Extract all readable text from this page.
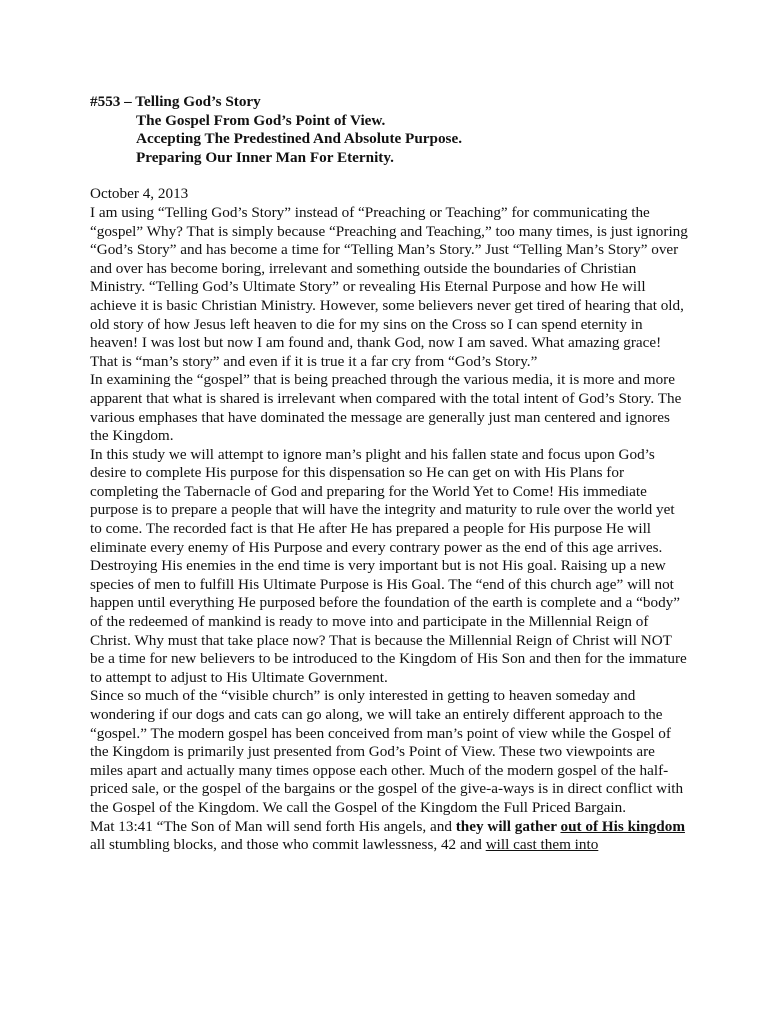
#553 – Telling God’s Story
The Gospel From God’s Point of View.
Accepting The Predestined And Absolute Purpose.
Preparing Our Inner Man For Eternity.

October 4, 2013

I am using “Telling God’s Story” instead of “Preaching or Teaching” for communicating the “gospel” Why? That is simply because “Preaching and Teaching,” too many times, is just ignoring “God’s Story” and has become a time for “Telling Man’s Story.” Just “Telling Man’s Story” over and over has become boring, irrelevant and something outside the boundaries of Christian Ministry. “Telling God’s Ultimate Story” or revealing His Eternal Purpose and how He will achieve it is basic Christian Ministry. However, some believers never get tired of hearing that old, old story of how Jesus left heaven to die for my sins on the Cross so I can spend eternity in heaven! I was lost but now I am found and, thank God, now I am saved. What amazing grace! That is “man’s story” and even if it is true it a far cry from “God’s Story.”

In examining the “gospel” that is being preached through the various media, it is more and more apparent that what is shared is irrelevant when compared with the total intent of God’s Story. The various emphases that have dominated the message are generally just man centered and ignores the Kingdom.

In this study we will attempt to ignore man’s plight and his fallen state and focus upon God’s desire to complete His purpose for this dispensation so He can get on with His Plans for completing the Tabernacle of God and preparing for the World Yet to Come! His immediate purpose is to prepare a people that will have the integrity and maturity to rule over the world yet to come. The recorded fact is that He after He has prepared a people for His purpose He will eliminate every enemy of His Purpose and every contrary power as the end of this age arrives. Destroying His enemies in the end time is very important but is not His goal. Raising up a new species of men to fulfill His Ultimate Purpose is His Goal. The “end of this church age” will not happen until everything He purposed before the foundation of the earth is complete and a “body” of the redeemed of mankind is ready to move into and participate in the Millennial Reign of Christ. Why must that take place now? That is because the Millennial Reign of Christ will NOT be a time for new believers to be introduced to the Kingdom of His Son and then for the immature to attempt to adjust to His Ultimate Government.

Since so much of the “visible church” is only interested in getting to heaven someday and wondering if our dogs and cats can go along, we will take an entirely different approach to the “gospel.” The modern gospel has been conceived from man’s point of view while the Gospel of the Kingdom is primarily just presented from God’s Point of View. These two viewpoints are miles apart and actually many times oppose each other. Much of the modern gospel of the half-priced sale, or the gospel of the bargains or the gospel of the give-a-ways is in direct conflict with the Gospel of the Kingdom. We call the Gospel of the Kingdom the Full Priced Bargain.

Mat 13:41 “The Son of Man will send forth His angels, and they will gather out of His kingdom all stumbling blocks, and those who commit lawlessness, 42 and will cast them into
